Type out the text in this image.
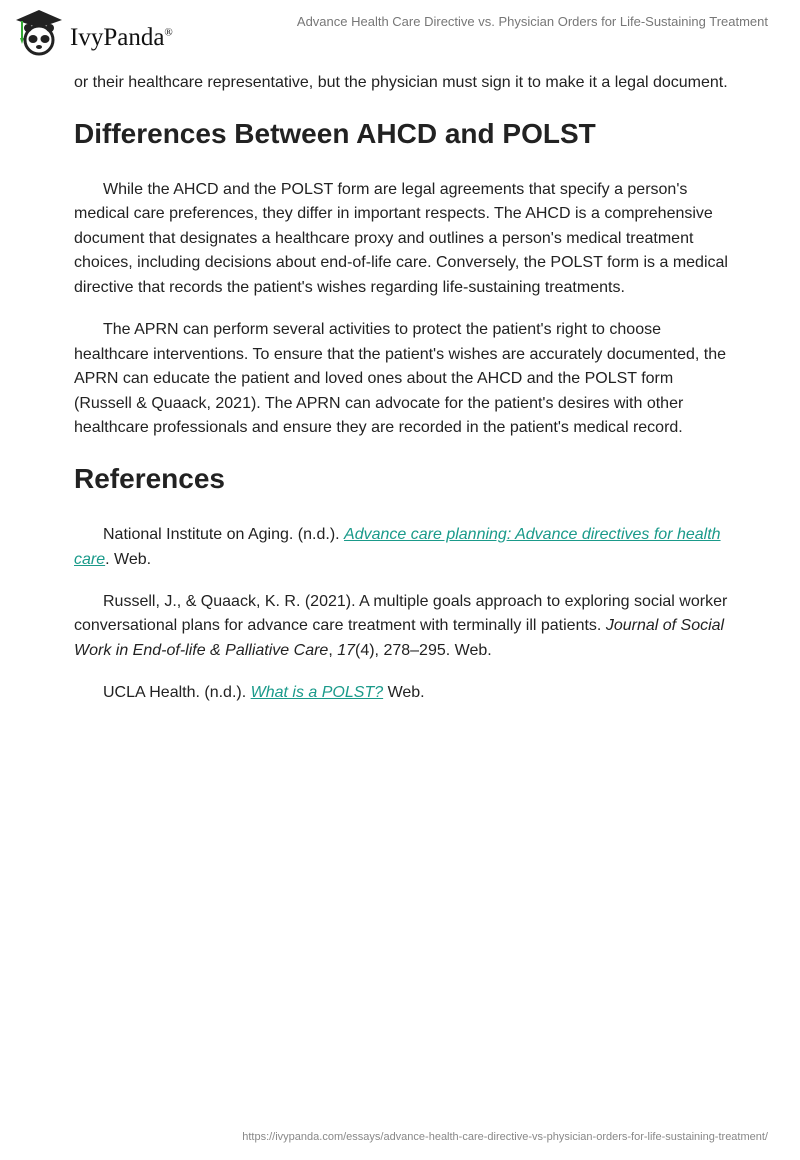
IvyPanda®
Advance Health Care Directive vs. Physician Orders for Life-Sustaining Treatment

or their healthcare representative, but the physician must sign it to make it a legal document.

Differences Between AHCD and POLST

While the AHCD and the POLST form are legal agreements that specify a person's medical care preferences, they differ in important respects. The AHCD is a comprehensive document that designates a healthcare proxy and outlines a person's medical treatment choices, including decisions about end-of-life care. Conversely, the POLST form is a medical directive that records the patient's wishes regarding life-sustaining treatments.

The APRN can perform several activities to protect the patient's right to choose healthcare interventions. To ensure that the patient's wishes are accurately documented, the APRN can educate the patient and loved ones about the AHCD and the POLST form (Russell & Quaack, 2021). The APRN can advocate for the patient's desires with other healthcare professionals and ensure they are recorded in the patient's medical record.

References

National Institute on Aging. (n.d.). Advance care planning: Advance directives for health care. Web.

Russell, J., & Quaack, K. R. (2021). A multiple goals approach to exploring social worker conversational plans for advance care treatment with terminally ill patients. Journal of Social Work in End-of-life & Palliative Care, 17(4), 278–295. Web.

UCLA Health. (n.d.). What is a POLST? Web.

https://ivypanda.com/essays/advance-health-care-directive-vs-physician-orders-for-life-sustaining-treatment/
